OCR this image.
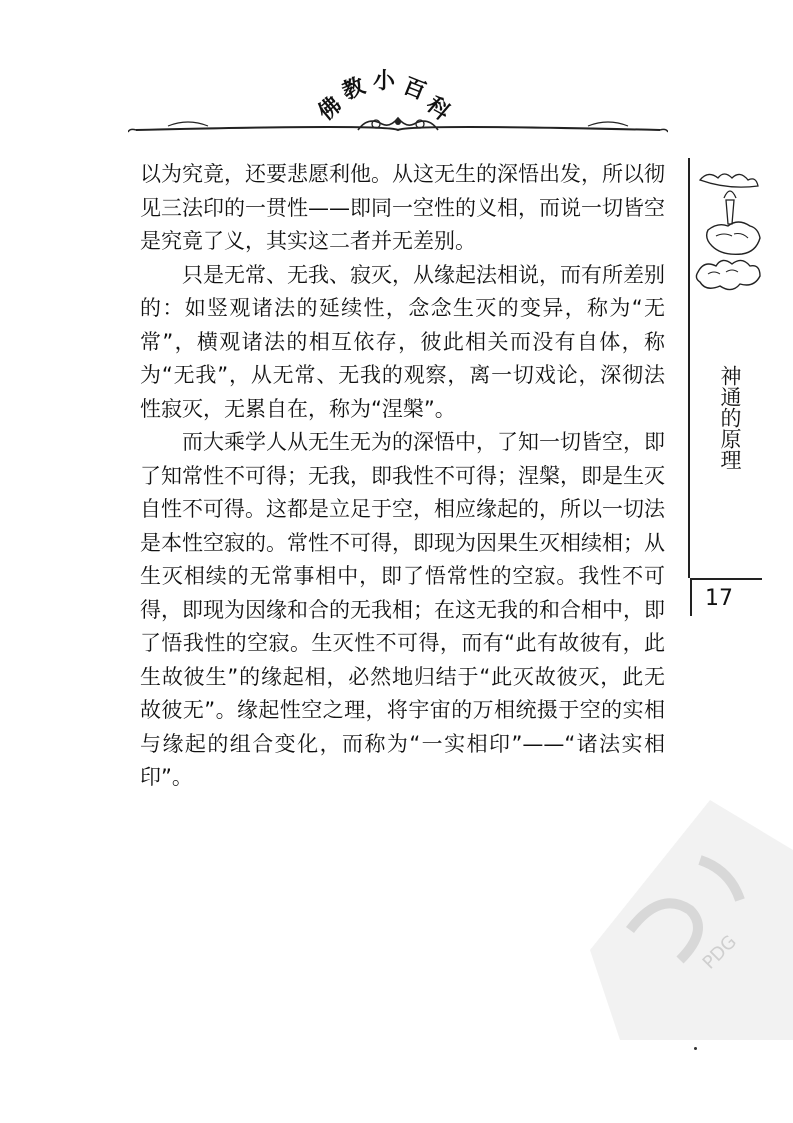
佛
教 小 百
科

以为究竟，还要悲愿利他。从这无生的深悟出发，所以彻见三法印的一贯性——即同一空性的义相，而说一切皆空是究竟了义，其实这二者并无差别。

只是无常、无我、寂灭，从缘起法相说，而有所差别的：如竖观诸法的延续性，念念生灭的变异，称为“无常”，横观诸法的相互依存，彼此相关而没有自体，称为“无我”，从无常、无我的观察，离一切戏论，深彻法性寂灭，无累自在，称为“涅槃”。

而大乘学人从无生无为的深悟中，了知一切皆空，即了知常性不可得；无我，即我性不可得；涅槃，即是生灭自性不可得。这都是立足于空，相应缘起的，所以一切法是本性空寂的。常性不可得，即现为因果生灭相续相；从生灭相续的无常事相中，即了悟常性的空寂。我性不可得，即现为因缘和合的无我相；在这无我的和合相中，即了悟我性的空寂。生灭性不可得，而有“此有故彼有，此生故彼生”的缘起相，必然地归结于“此灭故彼灭，此无故彼无”。缘起性空之理，将宇宙的万相统摄于空的实相与缘起的组合变化，而称为“一实相印”——“诸法实相印”。

神通的原理
17
PDG
